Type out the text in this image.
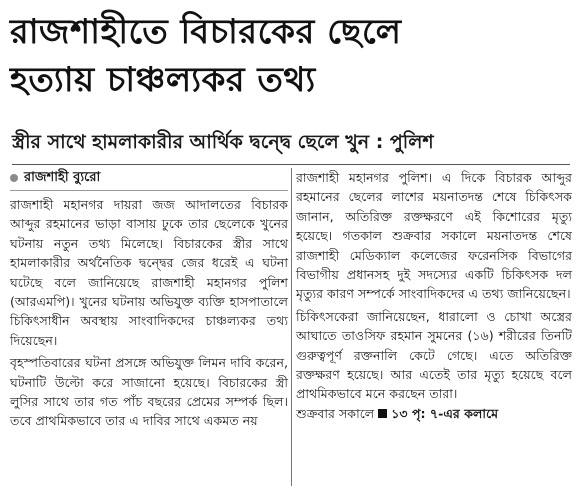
রাজশাহীতে বিচারকের ছেলে
হত্যায় চাঞ্চল্যকর তথ্য
স্ত্রীর সাথে হামলাকারীর আর্থিক দ্বন্দ্বে ছেলে খুন : পুলিশ
রাজশাহী ব্যুরো

রাজশাহী মহানগর দায়রা জজ আদালতের বিচারক আব্দুর রহমানের ভাড়া বাসায় ঢুকে তার ছেলেকে খুনের ঘটনায় নতুন তথ্য মিলেছে। বিচারকের স্ত্রীর সাথে হামলাকারীর অর্থনৈতিক দ্বন্দ্বের জের ধরেই এ ঘটনা ঘটেছে বলে জানিয়েছে রাজশাহী মহানগর পুলিশ (আরএমপি)। খুনের ঘটনায় অভিযুক্ত ব্যক্তি হাসপাতালে চিকিৎসাধীন অবস্থায় সাংবাদিকদের চাঞ্চল্যকর তথ্য দিয়েছেন।

বৃহস্পতিবারের ঘটনা প্রসঙ্গে অভিযুক্ত লিমন দাবি করেন, ঘটনাটি উল্টো করে সাজানো হয়েছে। বিচারকের স্ত্রী লুসির সাথে তার গত পাঁচ বছরের প্রেমের সম্পর্ক ছিল। তবে প্রাথমিকভাবে তার এ দাবির সাথে একমত নয়

রাজশাহী মহানগর পুলিশ। এ দিকে বিচারক আব্দুর রহমানের ছেলের লাশের ময়নাতদন্ত শেষে চিকিৎসক জানান, অতিরিক্ত রক্তক্ষরণে এই কিশোরের মৃত্যু হয়েছে। গতকাল শুক্রবার সকালে ময়নাতদন্ত শেষে রাজশাহী মেডিক্যাল কলেজের ফরেনসিক বিভাগের বিভাগীয় প্রধানসহ দুই সদস্যের একটি চিকিৎসক দল মৃত্যুর কারণ সম্পর্কে সাংবাদিকদের এ তথ্য জানিয়েছেন।

চিকিৎসকেরা জানিয়েছেন, ধারালো ও চোখা অস্ত্রের আঘাতে তাওসিফ রহমান সুমনের (১৬) শরীরের তিনটি গুরুত্বপূর্ণ রক্তনালি কেটে গেছে। এতে অতিরিক্ত রক্তক্ষরণ হয়েছে। আর এতেই তার মৃত্যু হয়েছে বলে প্রাথমিকভাবে মনে করছেন তারা।

শুক্রবার সকালে ১৩ পৃ: ৭-এর কলামে
